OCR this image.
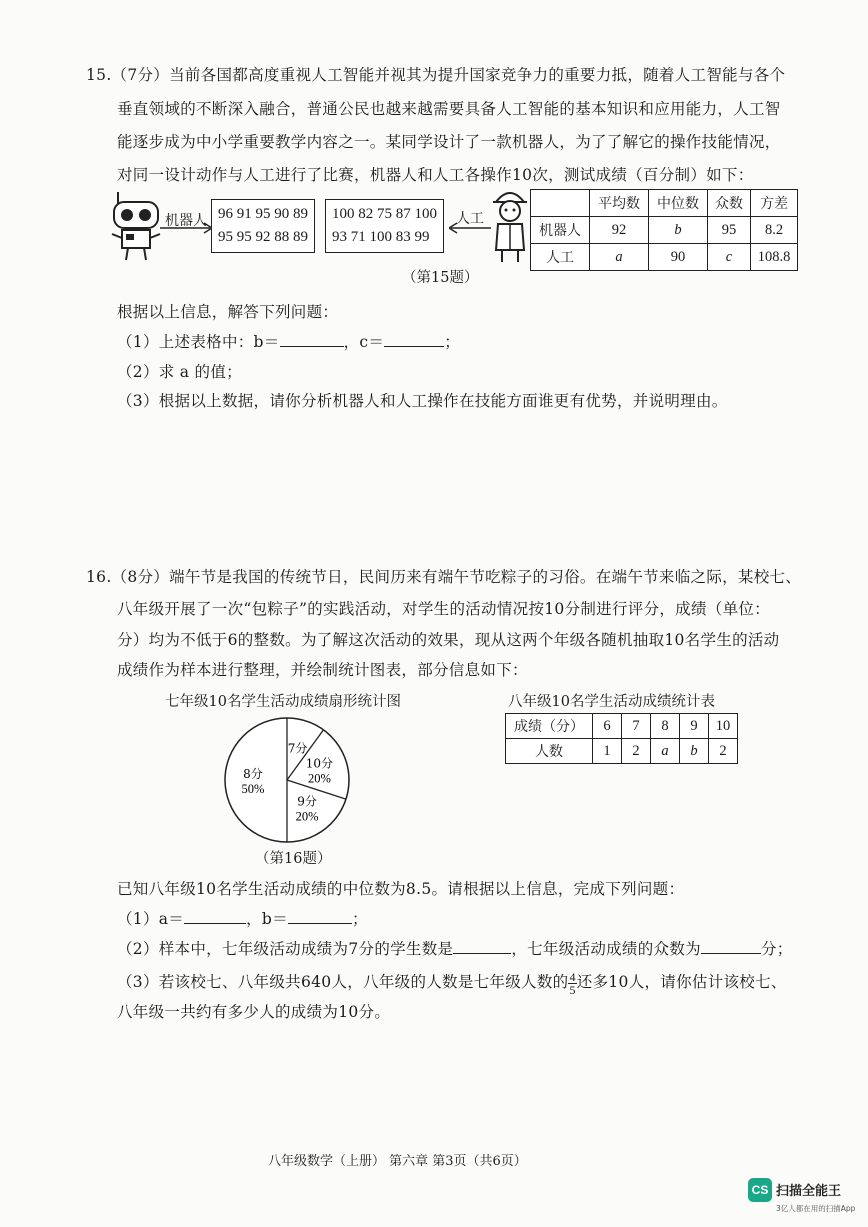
15.（7分）当前各国都高度重视人工智能并视其为提升国家竞争力的重要力抵，随着人工智能与各个
垂直领域的不断深入融合，普通公民也越来越需要具备人工智能的基本知识和应用能力，人工智
能逐步成为中小学重要教学内容之一。某同学设计了一款机器人，为了了解它的操作技能情况，
对同一设计动作与人工进行了比赛，机器人和人工各操作10次，测试成绩（百分制）如下：
机器人 96 91 95 90 89
95 95 92 88 89
100 82 75 87 100
93 71 100 83 99
人工
	平均数	中位数	众数	方差
机器人	92	b	95	8.2
人工	a	90	c	108.8
（第15题）
根据以上信息，解答下列问题：
（1）上述表格中：b＝	，c＝	；
（2）求 a 的值；
（3）根据以上数据，请你分析机器人和人工操作在技能方面谁更有优势，并说明理由。
16.（8分）端午节是我国的传统节日，民间历来有端午节吃粽子的习俗。在端午节来临之际，某校七、
八年级开展了一次“包粽子”的实践活动，对学生的活动情况按10分制进行评分，成绩（单位：
分）均为不低于6的整数。为了解这次活动的效果，现从这两个年级各随机抽取10名学生的活动
成绩作为样本进行整理，并绘制统计图表，部分信息如下：
七年级10名学生活动成绩扇形统计图
7分
10分
20%
9分
20%
8分
50%
八年级10名学生活动成绩统计表
成绩（分）	6	7	8	9	10
人数	1	2	a	b	2
（第16题）
已知八年级10名学生活动成绩的中位数为8.5。请根据以上信息，完成下列问题：
（1）a＝	，b＝	；
（2）样本中，七年级活动成绩为7分的学生数是	，七年级活动成绩的众数为	分；
（3）若该校七、八年级共640人，八年级的人数是七年级人数的 $\frac{4}{5}$ 还多10人，请你估计该校七、
八年级一共约有多少人的成绩为10分。
八年级数学（上册） 第六章 第3页（共6页）
CS 扫描全能王
3亿人都在用的扫描App
